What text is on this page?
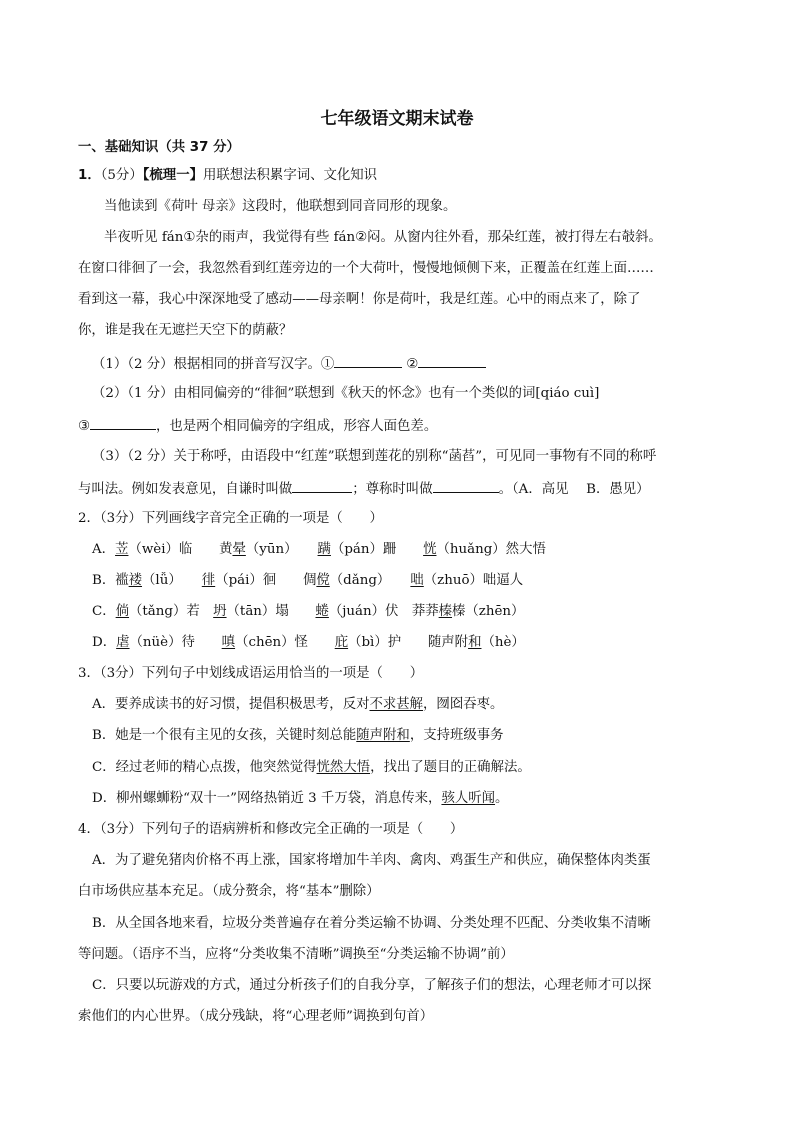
七年级语文期末试卷
一、基础知识（共 37 分）
1．（5分）【梳理一】用联想法积累字词、文化知识
当他读到《荷叶 母亲》这段时，他联想到同音同形的现象。
半夜听见 fán①杂的雨声，我觉得有些 fán②闷。从窗内往外看，那朵红莲，被打得左右攲斜。
在窗口徘徊了一会，我忽然看到红莲旁边的一个大荷叶，慢慢地倾侧下来，正覆盖在红莲上面……
看到这一幕，我心中深深地受了感动——母亲啊！你是荷叶，我是红莲。心中的雨点来了，除了
你，谁是我在无遮拦天空下的荫蔽？
（1）（2 分）根据相同的拼音写汉字。①	②
（2）（1 分）由相同偏旁的“徘徊”联想到《秋天的怀念》也有一个类似的词[qiáo cuì]
③	，也是两个相同偏旁的字组成，形容人面色差。
（3）（2 分）关于称呼，由语段中“红莲”联想到莲花的别称“菡萏”，可见同一事物有不同的称呼
与叫法。例如发表意见，自谦时叫做	；尊称时叫做	。（A．高见　 B．愚见）
2．（3分）下列画线字音完全正确的一项是（　　）
A．苙（wèi）临　　黄晕（yūn）　　蹒（pán）跚　　恍（huǎng）然大悟
B．褴褛（lǚ）　　徘（pái）徊　　倜傥（dǎng）　　咄（zhuō）咄逼人
C．倘（tǎng）若　坍（tān）塌　　蜷（juán）伏　莽莽榛榛（zhēn）
D．虐（nüè）待　　嗔（chēn）怪　　庇（bì）护　　随声附和（hè）
3．（3分）下列句子中划线成语运用恰当的一项是（　　）
A．要养成读书的好习惯，提倡积极思考，反对不求甚解，囫囵吞枣。
B．她是一个很有主见的女孩，关键时刻总能随声附和，支持班级事务
C．经过老师的精心点拨，他突然觉得恍然大悟，找出了题目的正确解法。
D．柳州螺蛳粉“双十一”网络热销近 3 千万袋，消息传来，骇人听闻。
4．（3分）下列句子的语病辨析和修改完全正确的一项是（　　）
A．为了避免猪肉价格不再上涨，国家将增加牛羊肉、禽肉、鸡蛋生产和供应，确保整体肉类蛋
白市场供应基本充足。（成分赘余，将“基本”删除）
B．从全国各地来看，垃圾分类普遍存在着分类运输不协调、分类处理不匹配、分类收集不清晰
等问题。（语序不当，应将“分类收集不清晰”调换至“分类运输不协调”前）
C．只要以玩游戏的方式，通过分析孩子们的自我分享，了解孩子们的想法，心理老师才可以探
索他们的内心世界。（成分残缺，将“心理老师”调换到句首）
